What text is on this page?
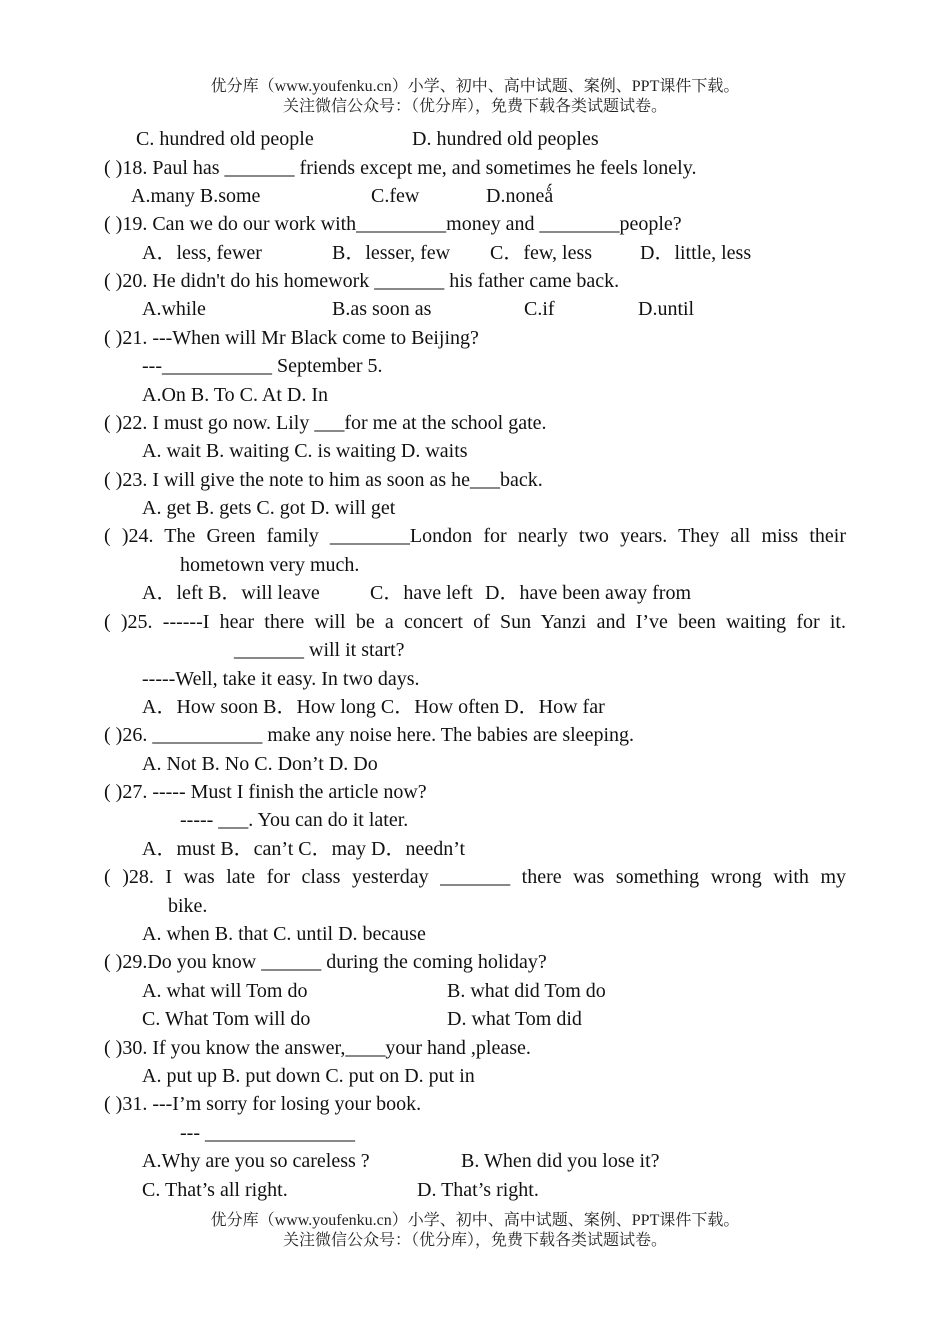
优分库（www.youfenku.cn）小学、初中、高中试题、案例、PPT课件下载。
关注微信公众号：（优分库），免费下载各类试题试卷。
C. hundred old people	D. hundred old peoples
( )18. Paul has _______ friends except me, and sometimes he feels lonely.
A.many B.some	C.few	D.noneǻ
( )19. Can we do our work with_________money and ________people?
A．less, fewer	B．lesser, few C．few, less D．little, less
( )20. He didn't do his homework _______ his father came back.
A.while	B.as soon as	C.if	D.until
( )21. ---When will Mr Black come to Beijing?
---___________ September 5.
A.On B. To C. At D. In
( )22. I must go now. Lily ___for me at the school gate.
A. wait B. waiting C. is waiting D. waits
( )23. I will give the note to him as soon as he___back.
A. get B. gets C. got D. will get
( )24. The Green family ________London for nearly two years. They all miss their
hometown very much.
A．left B．will leave	C．have left D．have been away from
( )25. ------I hear there will be a concert of Sun Yanzi and I’ve been waiting for it.
_______ will it start?
-----Well, take it easy. In two days.
A．How soon B．How long C．How often D．How far
( )26. ___________ make any noise here. The babies are sleeping.
A. Not B. No C. Don’t D. Do
( )27. ----- Must I finish the article now?
----- ___. You can do it later.
A．must B．can’t C．may D．needn’t
( )28. I was late for class yesterday _______ there was something wrong with my
bike.
A. when B. that C. until D. because
( )29.Do you know ______ during the coming holiday?
A. what will Tom do	B. what did Tom do
C. What Tom will do	D. what Tom did
( )30. If you know the answer,____your hand ,please.
A. put up B. put down C. put on D. put in
( )31. ---I’m sorry for losing your book.
--- _______________
A.Why are you so careless ?	B. When did you lose it?
C. That’s all right.	D. That’s right.
优分库（www.youfenku.cn）小学、初中、高中试题、案例、PPT课件下载。
关注微信公众号：（优分库），免费下载各类试题试卷。
